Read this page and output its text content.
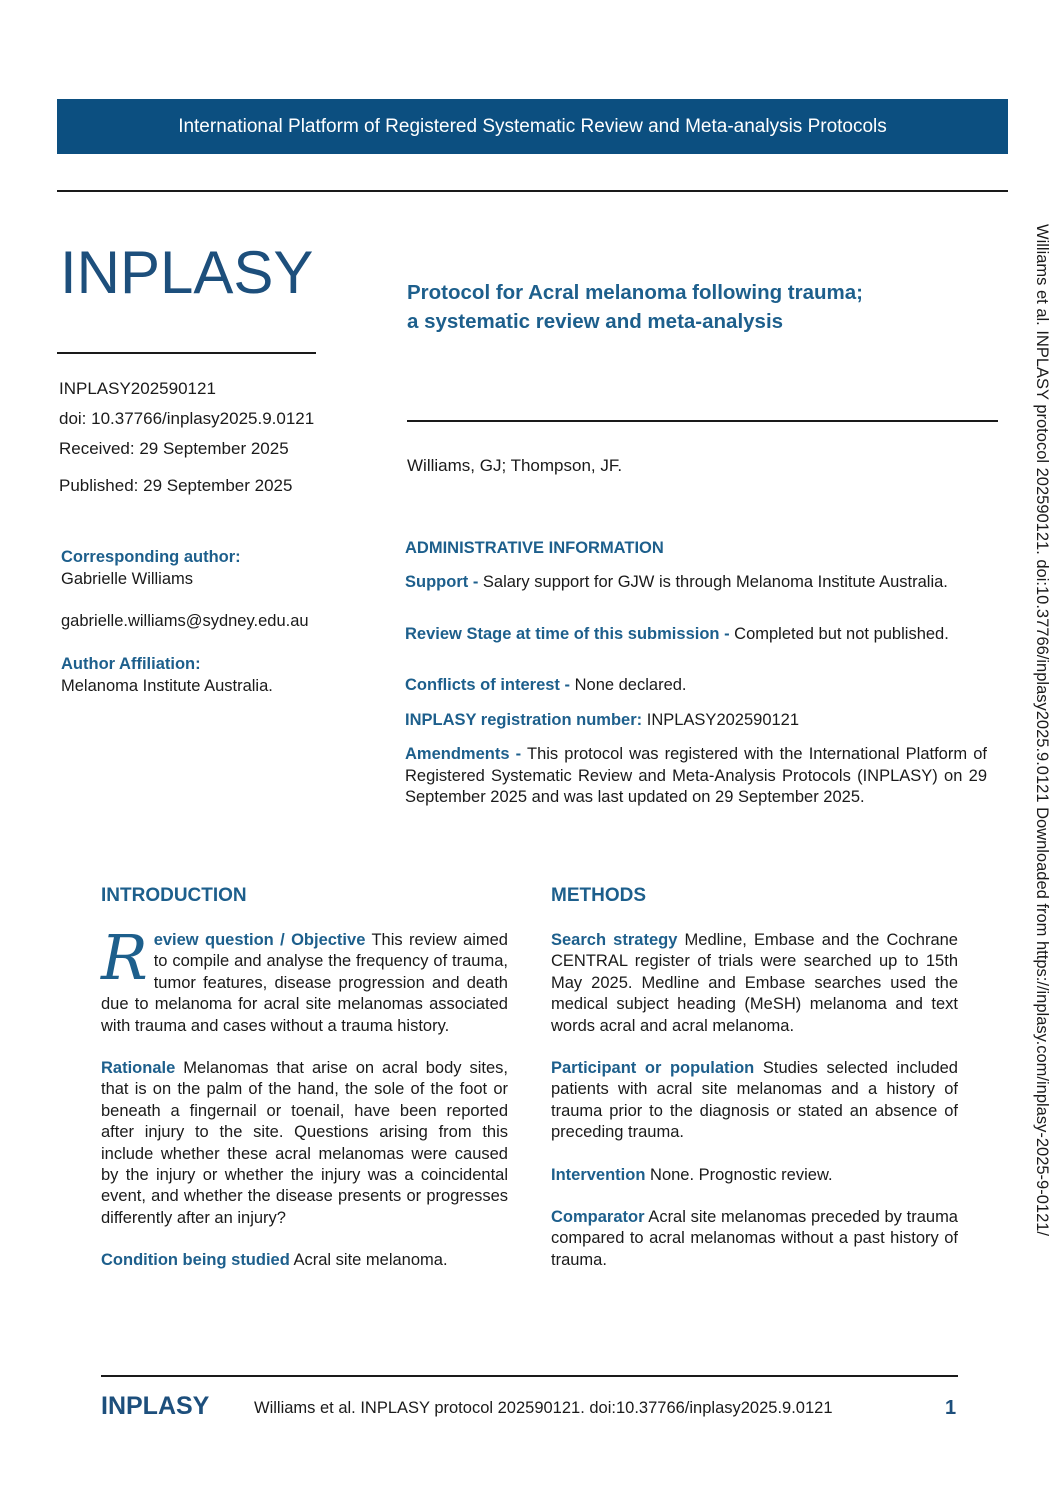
International Platform of Registered Systematic Review and Meta-analysis Protocols
INPLASY	Protocol for Acral melanoma following trauma;
a systematic review and meta-analysis
INPLASY202590121
doi: 10.37766/inplasy2025.9.0121
Received: 29 September 2025
Published: 29 September 2025
Williams, GJ; Thompson, JF.
Corresponding author:
Gabrielle Williams
gabrielle.williams@sydney.edu.au
Author Affiliation:
Melanoma Institute Australia.
ADMINISTRATIVE INFORMATION
Support - Salary support for GJW is through Melanoma Institute Australia.
Review Stage at time of this submission - Completed but not published.
Conflicts of interest - None declared.
INPLASY registration number: INPLASY202590121
Amendments - This protocol was registered with the International Platform of Registered Systematic Review and Meta-Analysis Protocols (INPLASY) on 29 September 2025 and was last updated on 29 September 2025.
INTRODUCTION

Review question / Objective This review aimed to compile and analyse the frequency of trauma, tumor features, disease progression and death due to melanoma for acral site melanomas associated with trauma and cases without a trauma history.

Rationale Melanomas that arise on acral body sites, that is on the palm of the hand, the sole of the foot or beneath a fingernail or toenail, have been reported after injury to the site. Questions arising from this include whether these acral melanomas were caused by the injury or whether the injury was a coincidental event, and whether the disease presents or progresses differently after an injury?

Condition being studied Acral site melanoma.

METHODS

Search strategy Medline, Embase and the Cochrane CENTRAL register of trials were searched up to 15th May 2025. Medline and Embase searches used the medical subject heading (MeSH) melanoma and text words acral and acral melanoma.

Participant or population Studies selected included patients with acral site melanomas and a history of trauma prior to the diagnosis or stated an absence of preceding trauma.

Intervention None. Prognostic review.

Comparator Acral site melanomas preceded by trauma compared to acral melanomas without a past history of trauma.

Williams et al. INPLASY protocol 202590121. doi:10.37766/inplasy2025.9.0121 Downloaded from https://inplasy.com/inplasy-2025-9-0121/
INPLASY	Williams et al. INPLASY protocol 202590121. doi:10.37766/inplasy2025.9.0121	1
